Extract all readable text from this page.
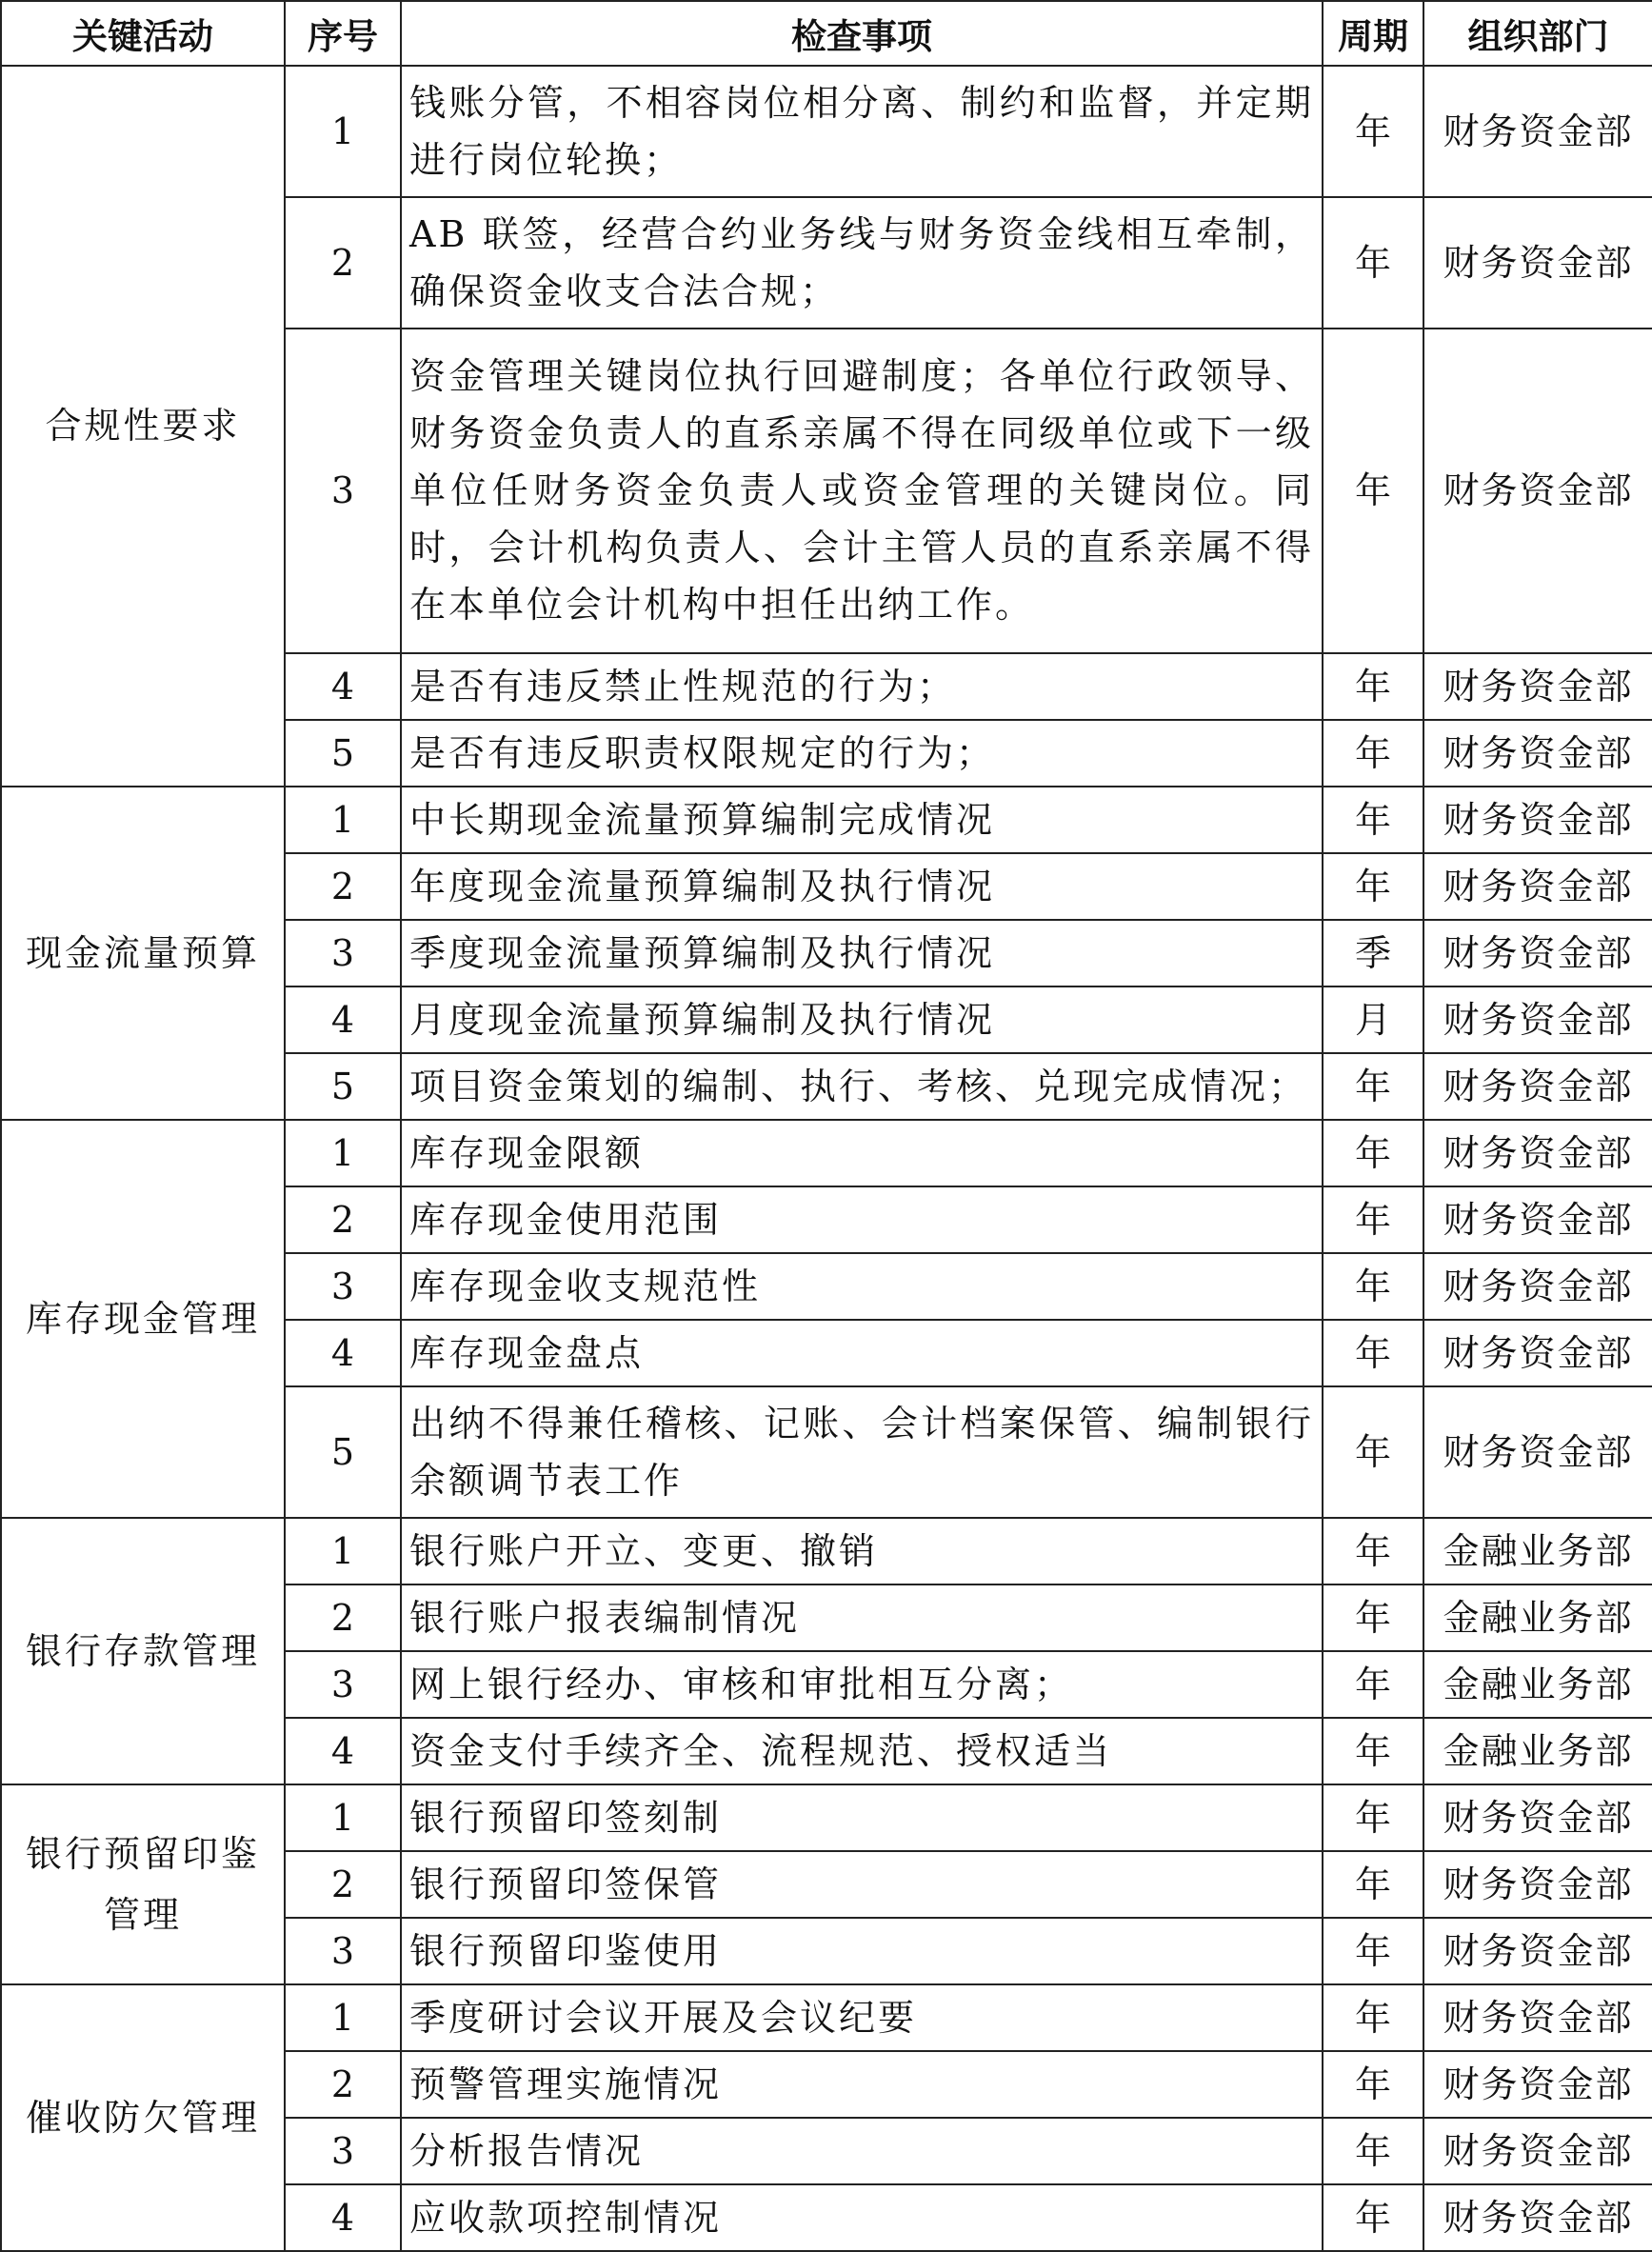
关键活动	序号	检查事项	周期	组织部门
合规性要求	1	钱账分管，不相容岗位相分离、制约和监督，并定期进行岗位轮换；	年	财务资金部
	2	AB 联签，经营合约业务线与财务资金线相互牵制，确保资金收支合法合规；	年	财务资金部
	3	资金管理关键岗位执行回避制度；各单位行政领导、财务资金负责人的直系亲属不得在同级单位或下一级单位任财务资金负责人或资金管理的关键岗位。同时，会计机构负责人、会计主管人员的直系亲属不得在本单位会计机构中担任出纳工作。	年	财务资金部
	4	是否有违反禁止性规范的行为；	年	财务资金部
	5	是否有违反职责权限规定的行为；	年	财务资金部
现金流量预算	1	中长期现金流量预算编制完成情况	年	财务资金部
	2	年度现金流量预算编制及执行情况	年	财务资金部
	3	季度现金流量预算编制及执行情况	季	财务资金部
	4	月度现金流量预算编制及执行情况	月	财务资金部
	5	项目资金策划的编制、执行、考核、兑现完成情况；	年	财务资金部
库存现金管理	1	库存现金限额	年	财务资金部
	2	库存现金使用范围	年	财务资金部
	3	库存现金收支规范性	年	财务资金部
	4	库存现金盘点	年	财务资金部
	5	出纳不得兼任稽核、记账、会计档案保管、编制银行余额调节表工作	年	财务资金部
银行存款管理	1	银行账户开立、变更、撤销	年	金融业务部
	2	银行账户报表编制情况	年	金融业务部
	3	网上银行经办、审核和审批相互分离；	年	金融业务部
	4	资金支付手续齐全、流程规范、授权适当	年	金融业务部
银行预留印鉴管理	1	银行预留印签刻制	年	财务资金部
	2	银行预留印签保管	年	财务资金部
	3	银行预留印鉴使用	年	财务资金部
催收防欠管理	1	季度研讨会议开展及会议纪要	年	财务资金部
	2	预警管理实施情况	年	财务资金部
	3	分析报告情况	年	财务资金部
	4	应收款项控制情况	年	财务资金部
